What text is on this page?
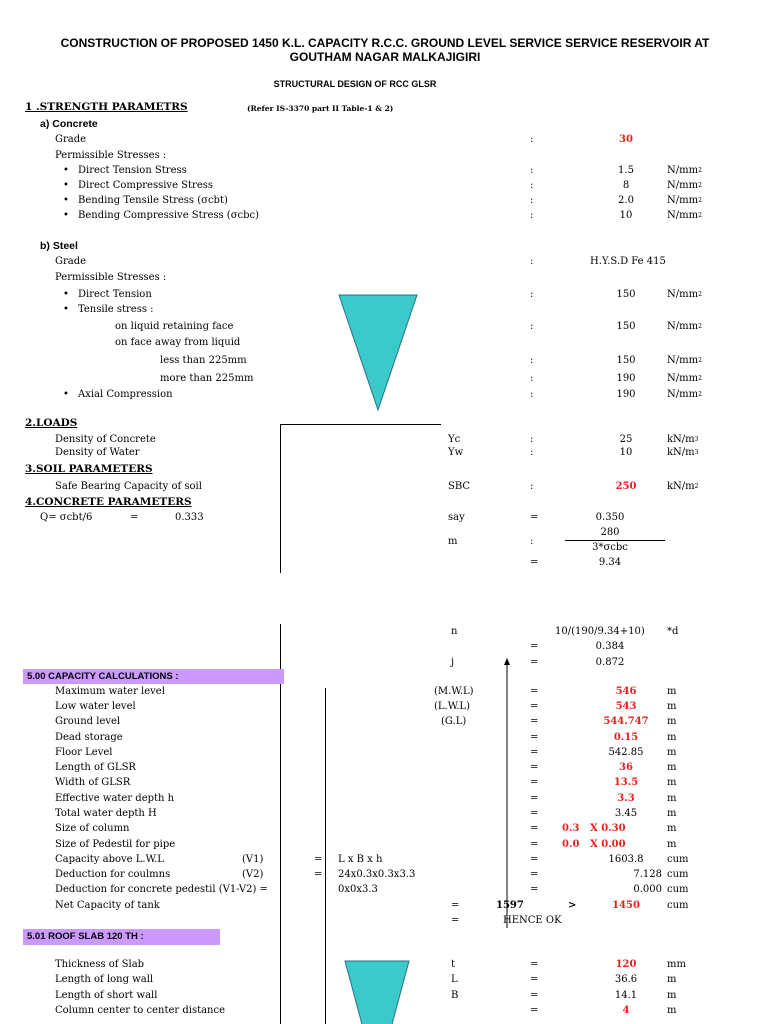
CONSTRUCTION OF PROPOSED 1450 K.L. CAPACITY R.C.C. GROUND LEVEL SERVICE SERVICE RESERVOIR AT GOUTHAM NAGAR MALKAJIGIRI
STRUCTURAL DESIGN OF RCC GLSR
1 .STRENGTH PARAMETRS	(Refer IS-3370 part II Table-1 & 2)
a) Concrete
Grade	:	30
Permissible Stresses :
• Direct Tension Stress	:	1.5	$N/mm^2$
• Direct Compressive Stress	:	8	$N/mm^2$
• Bending Tensile Stress (σcbt)	:	2.0	$N/mm^2$
• Bending Compressive Stress (σcbc)	:	10	$N/mm^2$
b) Steel
Grade	:	H.Y.S.D Fe 415
Permissible Stresses :
• Direct Tension	:	150	$N/mm^2$
• Tensile stress :
on liquid retaining face	:	150	$N/mm^2$
on face away from liquid
less than 225mm	:	150	$N/mm^2$
more than 225mm	:	190	$N/mm^2$
• Axial Compression	:	190	$N/mm^2$
2.LOADS
Density of Concrete	Yc	:	25	$kN/m^3$
Density of Water	Yw	:	10	$kN/m^3$
3.SOIL PARAMETERS
Safe Bearing Capacity of soil	SBC	:	250	$kN/m^2$
4.CONCRETE PARAMETERS
Q= σcbt/6	=	0.333	say	=	0.350
280
m	:
3*σcbc
=	9.34
n	10/(190/9.34+10) *d
=	0.384
j	=	0.872
5.00 CAPACITY CALCULATIONS :
Maximum water level	(M.W.L)	=	546	m
Low water level	(L.W.L)	=	543	m
Ground level	(G.L)	=	544.747	m
Dead storage	=	0.15	m
Floor Level	=	542.85	m
Length of GLSR	=	36	m
Width of GLSR	=	13.5	m
Effective water depth h	=	3.3	m
Total water depth H	=	3.45	m
Size of column	= 0.3 X 0.30	m
Size of Pedestil for pipe	= 0.0 X 0.00	m
Capacity above L.W.L	(V1)	= L x B x h	=	1603.8	cum
Deduction for coulmns	(V2)	= 24x0.3x0.3x3.3	=	7.128 cum
Deduction for concrete pedestil (V1-V2) =	0x0x3.3	=	0.000 cum
Net Capacity of tank	=	1597	>	1450	cum
=	HENCE OK
5.01 ROOF SLAB 120 TH :
Thickness of Slab	t	=	120	mm
Length of long wall	L	=	36.6	m
Length of short wall	B	=	14.1	m
Column center to center distance	=	4	m
